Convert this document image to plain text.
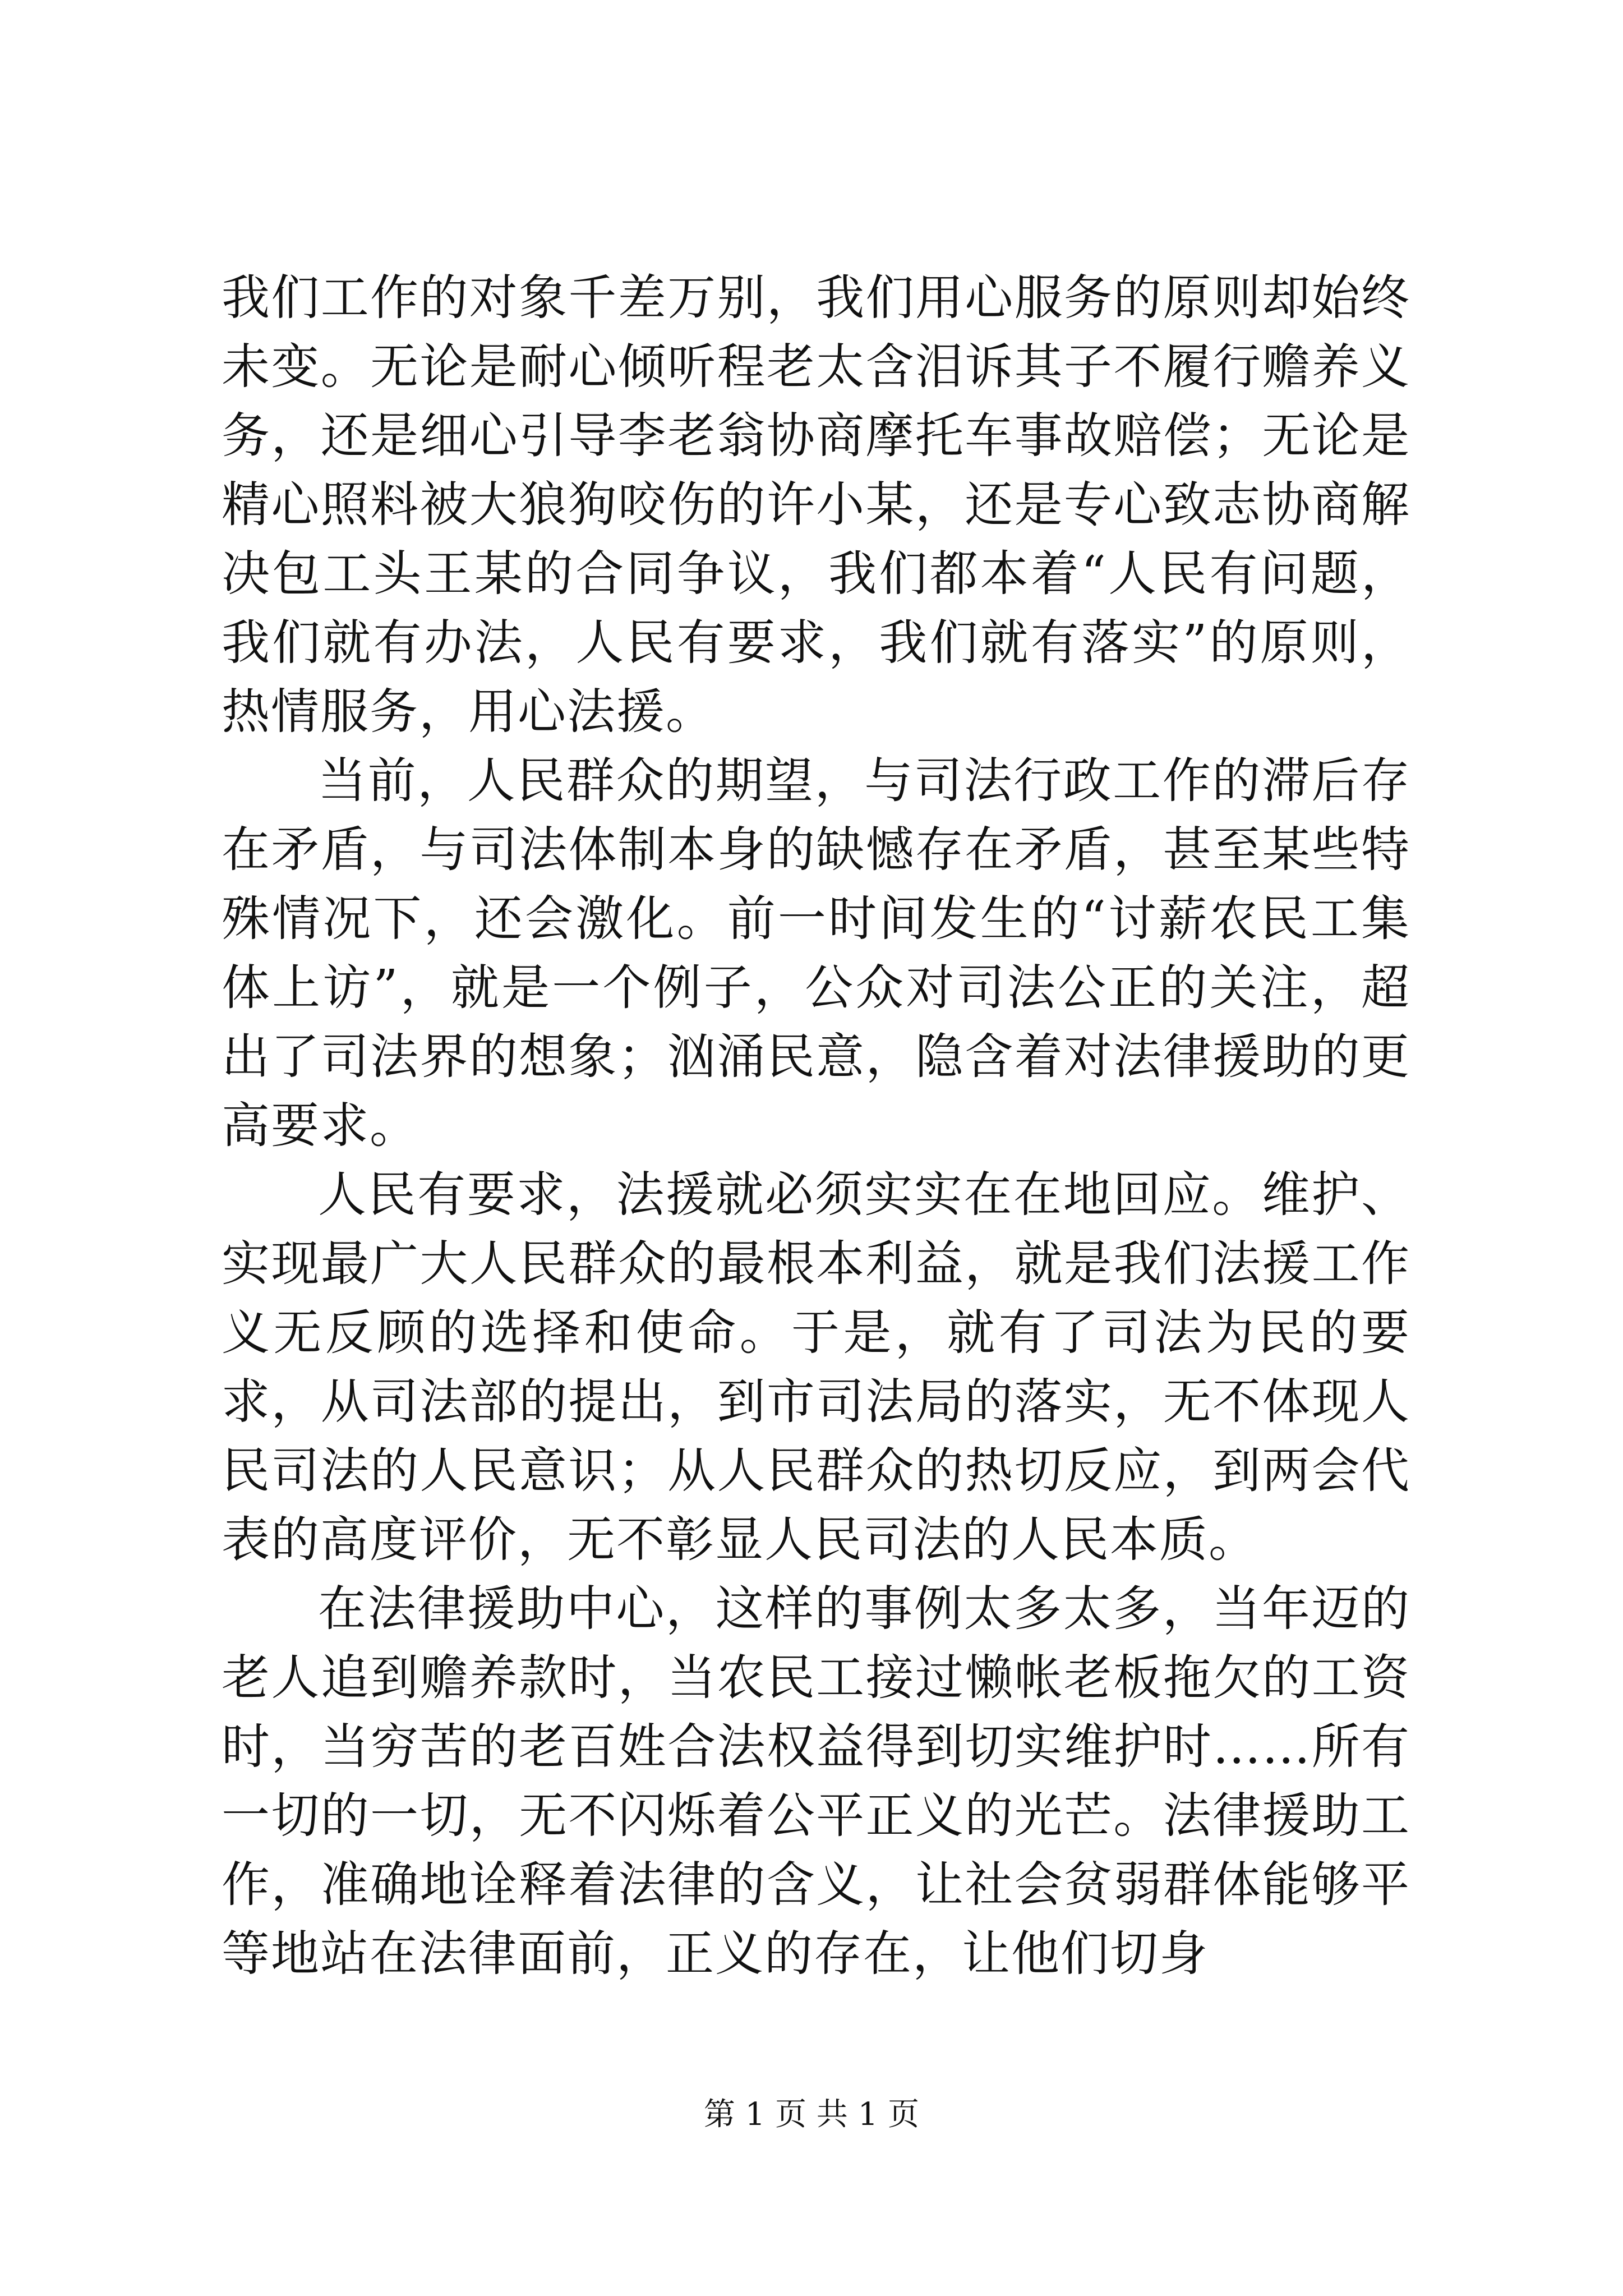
我们工作的对象千差万别，我们用心服务的原则却始终未变。无论是耐心倾听程老太含泪诉其子不履行赡养义务，还是细心引导李老翁协商摩托车事故赔偿；无论是精心照料被大狼狗咬伤的许小某，还是专心致志协商解决包工头王某的合同争议，我们都本着“人民有问题，我们就有办法，人民有要求，我们就有落实”的原则，热情服务，用心法援。

当前，人民群众的期望，与司法行政工作的滞后存在矛盾，与司法体制本身的缺憾存在矛盾，甚至某些特殊情况下，还会激化。前一时间发生的“讨薪农民工集体上访”，就是一个例子，公众对司法公正的关注，超出了司法界的想象；汹涌民意，隐含着对法律援助的更高要求。

人民有要求，法援就必须实实在在地回应。维护、实现最广大人民群众的最根本利益，就是我们法援工作义无反顾的选择和使命。于是，就有了司法为民的要求，从司法部的提出，到市司法局的落实，无不体现人民司法的人民意识；从人民群众的热切反应，到两会代表的高度评价，无不彰显人民司法的人民本质。

在法律援助中心，这样的事例太多太多，当年迈的老人追到赡养款时，当农民工接过懒帐老板拖欠的工资时，当穷苦的老百姓合法权益得到切实维护时……所有一切的一切，无不闪烁着公平正义的光芒。法律援助工作，准确地诠释着法律的含义，让社会贫弱群体能够平等地站在法律面前，正义的存在，让他们切身

第 1 页 共 1 页
